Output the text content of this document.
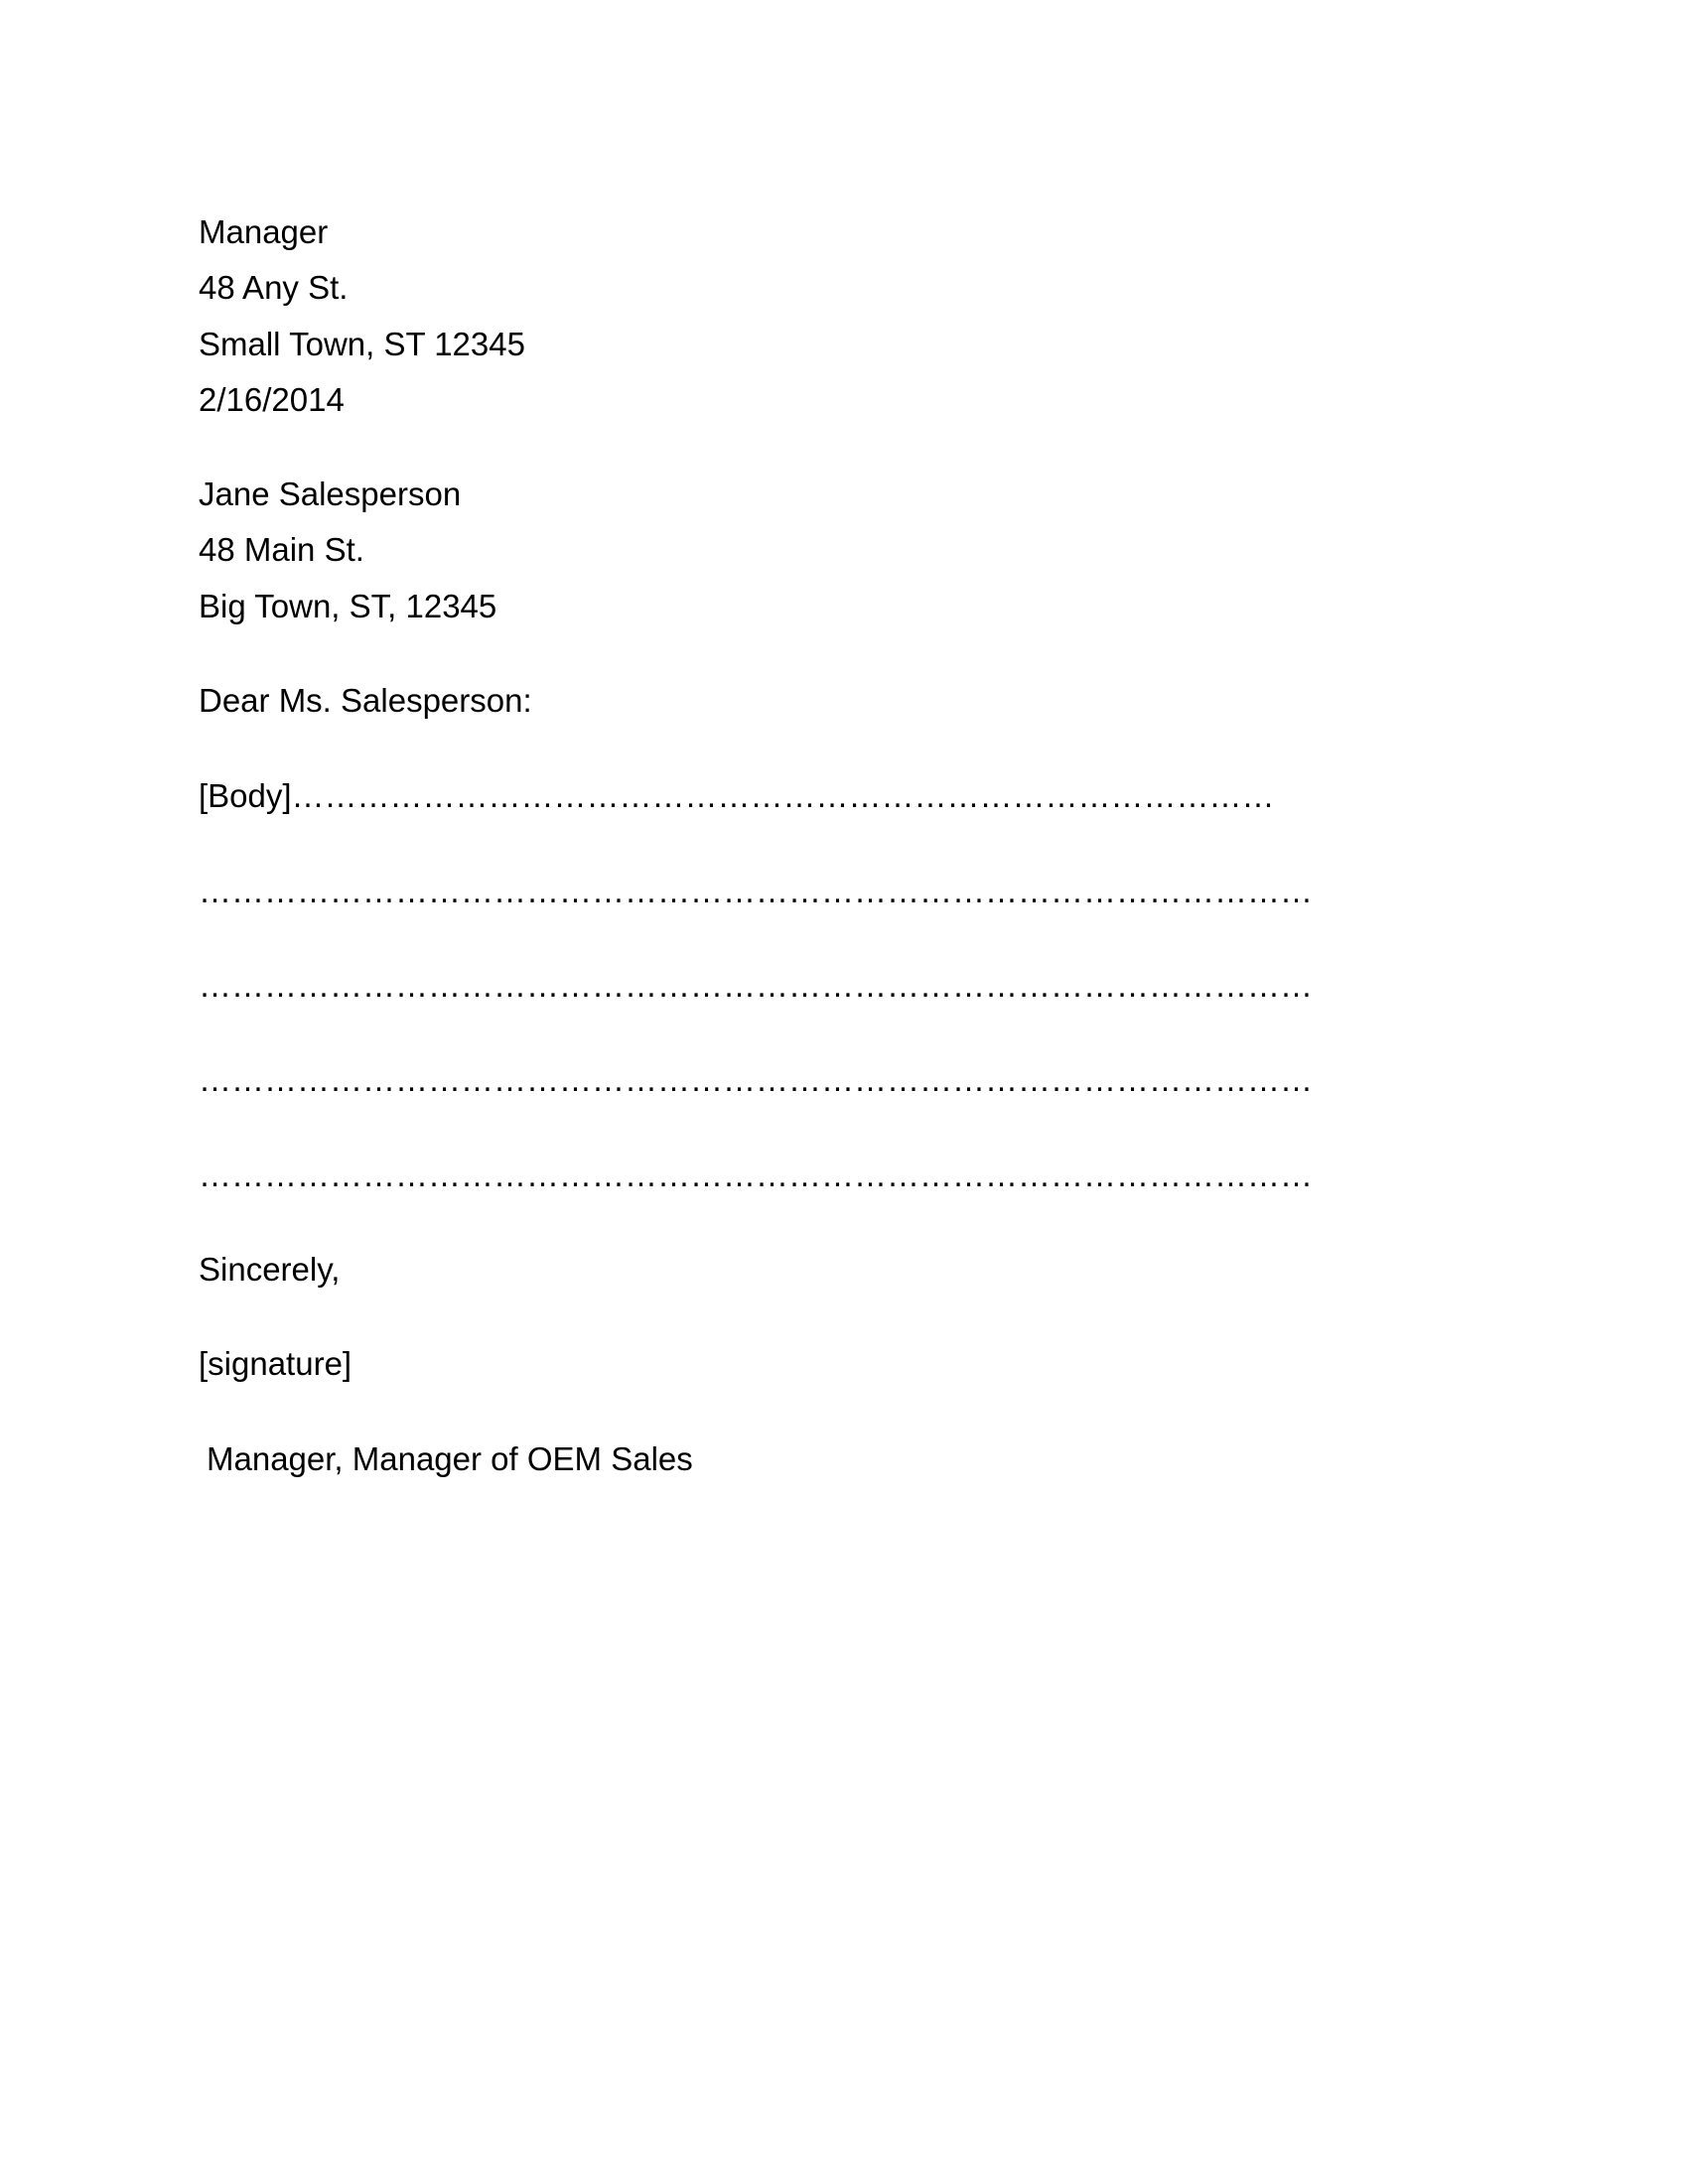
Manager
48 Any St.
Small Town, ST 12345
2/16/2014
Jane Salesperson
48 Main St.
Big Town, ST, 12345
Dear Ms. Salesperson:
[Body]………………………………………………………………………………
…………………………………………………………………………………………
…………………………………………………………………………………………
…………………………………………………………………………………………
…………………………………………………………………………………………
Sincerely,
[signature]
Manager, Manager of OEM Sales
